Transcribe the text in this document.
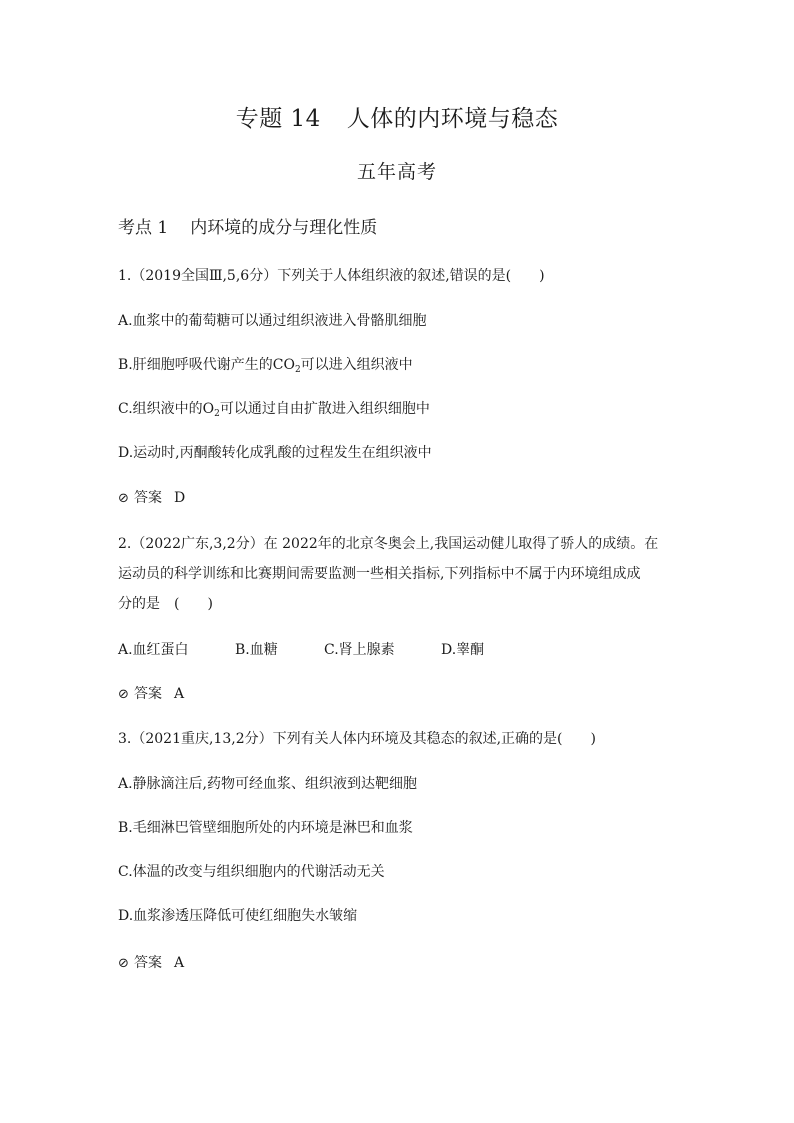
专题 14 人体的内环境与稳态
五年高考
考点 1 内环境的成分与理化性质
1.（2019全国Ⅲ,5,6分）下列关于人体组织液的叙述,错误的是(　　)
A.血浆中的葡萄糖可以通过组织液进入骨骼肌细胞
B.肝细胞呼吸代谢产生的$CO_2$可以进入组织液中
C.组织液中的$O_2$可以通过自由扩散进入组织细胞中
D.运动时,丙酮酸转化成乳酸的过程发生在组织液中
⊘ 答案 D
2.（2022广东,3,2分）在 2022年的北京冬奥会上,我国运动健儿取得了骄人的成绩。在
运动员的科学训练和比赛期间需要监测一些相关指标,下列指标中不属于内环境组成成
分的是　(　　)
A.血红蛋白	B.血糖	C.肾上腺素	D.睾酮
⊘ 答案 A
3.（2021重庆,13,2分）下列有关人体内环境及其稳态的叙述,正确的是(　　)
A.静脉滴注后,药物可经血浆、组织液到达靶细胞
B.毛细淋巴管壁细胞所处的内环境是淋巴和血浆
C.体温的改变与组织细胞内的代谢活动无关
D.血浆渗透压降低可使红细胞失水皱缩
⊘ 答案 A
